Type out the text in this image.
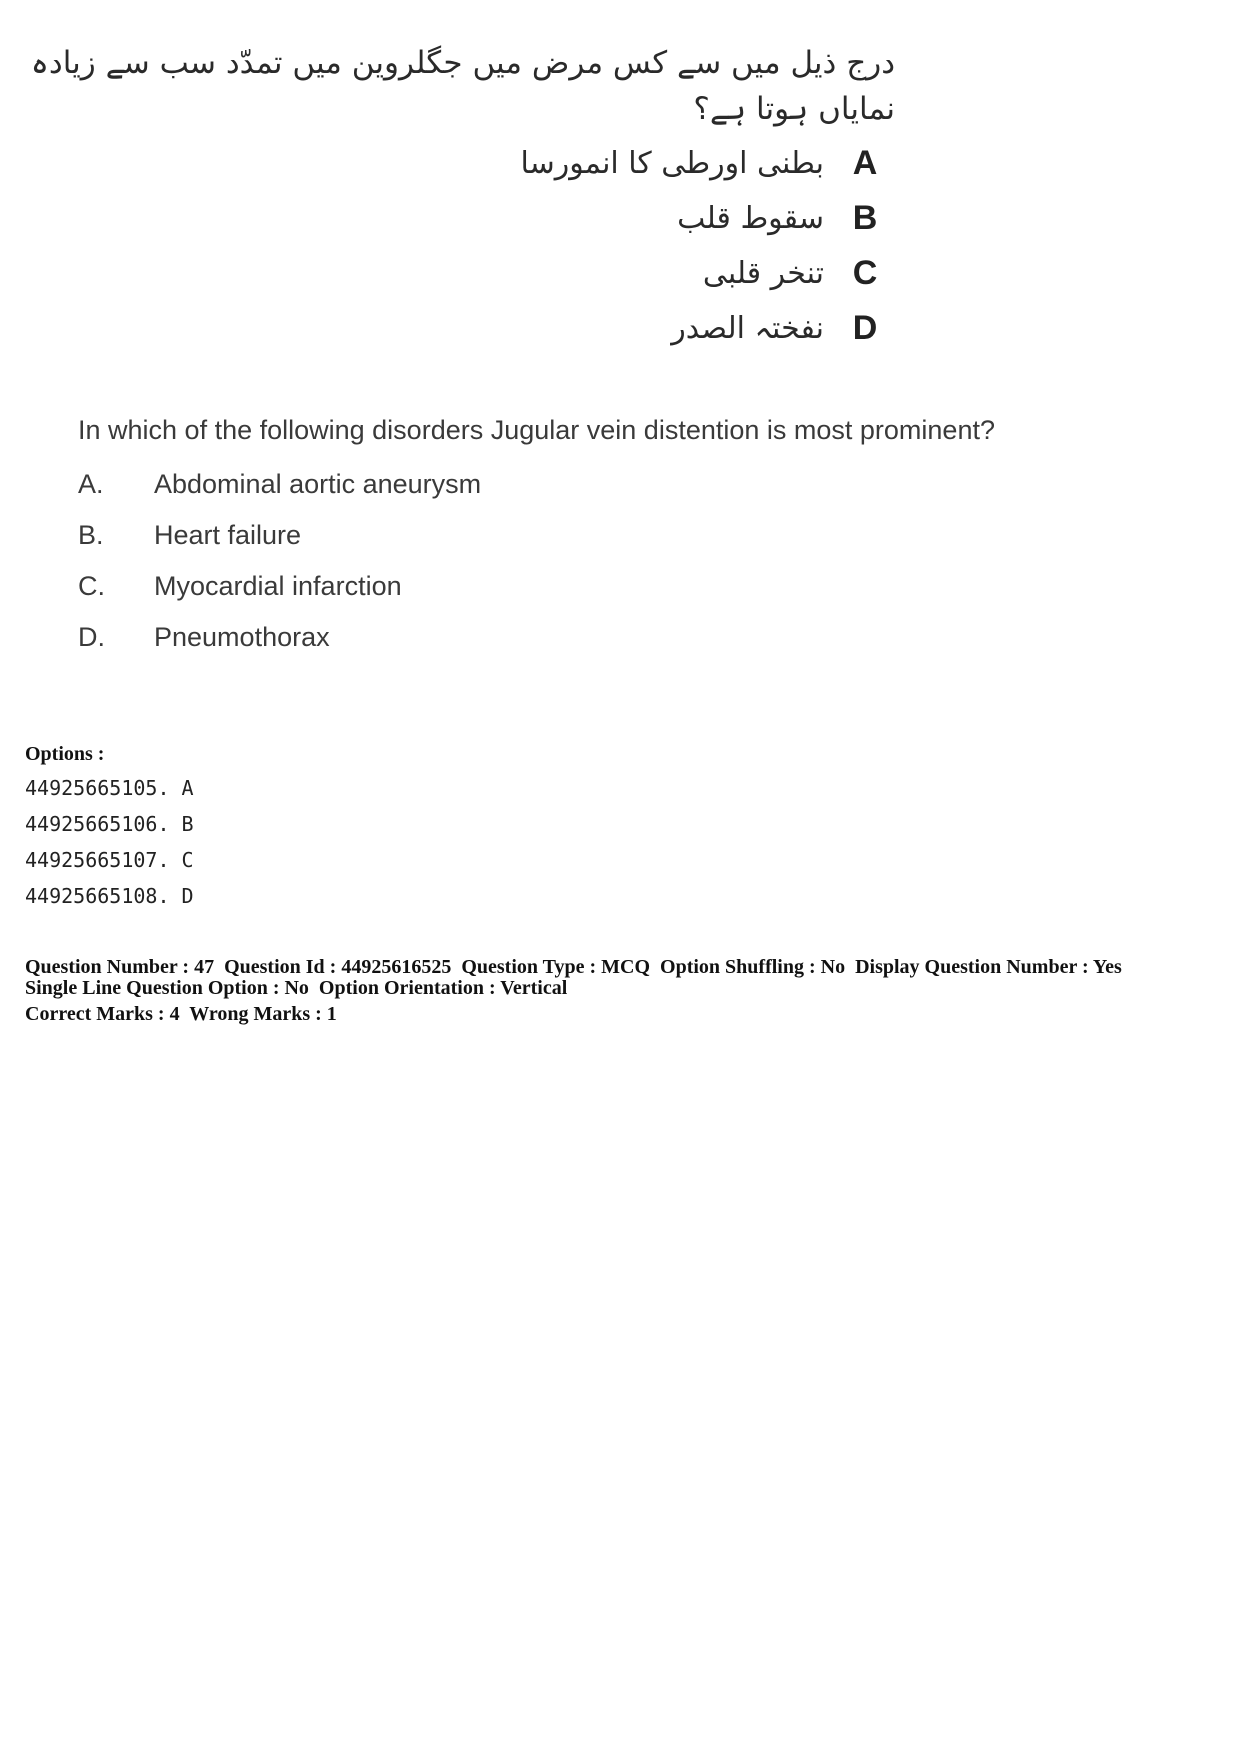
درج ذیل میں سے کس مرض میں جگلروین میں تمدّد سب سے زیادہ نمایاں ہوتا ہے؟
A
بطنی اورطی کا انمورسا
B
سقوط قلب
C
تنخر قلبی
D
نفختہ الصدر
In which of the following disorders Jugular vein distention is most prominent?
A.	Abdominal aortic aneurysm
B.	Heart failure
C.	Myocardial infarction
D.	Pneumothorax
Options :
44925665105. A
44925665106. B
44925665107. C
44925665108. D
Question Number : 47  Question Id : 44925616525  Question Type : MCQ  Option Shuffling : No  Display Question Number : Yes
Single Line Question Option : No  Option Orientation : Vertical
Correct Marks : 4  Wrong Marks : 1
